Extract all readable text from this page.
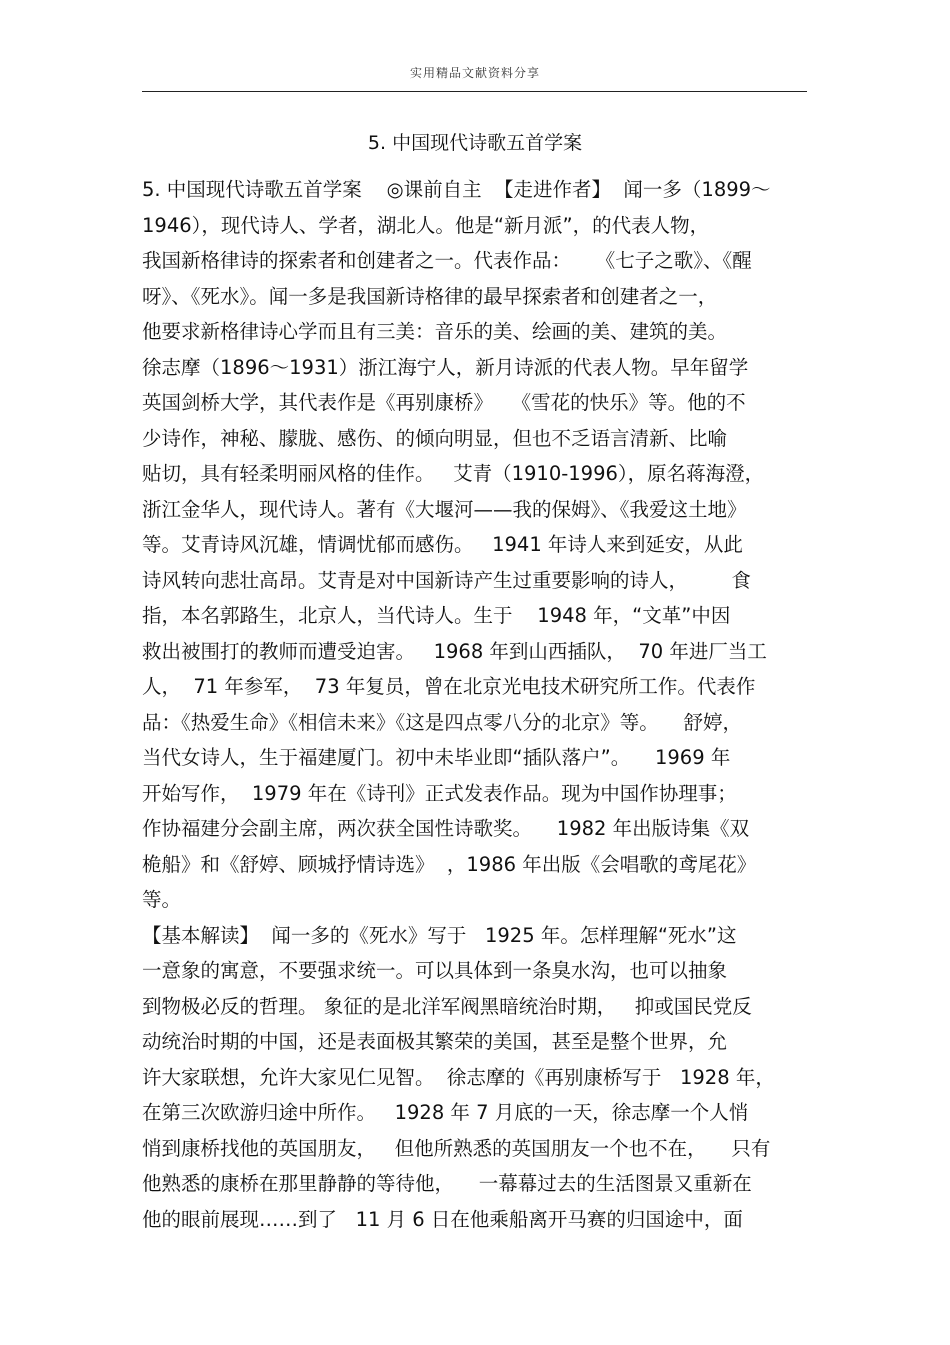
实用精品文献资料分享
5. 中国现代诗歌五首学案
5. 中国现代诗歌五首学案    ◎课前自主  【走进作者】  闻一多（1899～
1946），现代诗人、学者，湖北人。他是“新月派”，的代表人物，
我国新格律诗的探索者和创建者之一。代表作品：    《七子之歌》、《醒
呀》、《死水》。闻一多是我国新诗格律的最早探索者和创建者之一，
他要求新格律诗心学而且有三美：音乐的美、绘画的美、建筑的美。
徐志摩（1896～1931）浙江海宁人，新月诗派的代表人物。早年留学
英国剑桥大学，其代表作是《再别康桥》   《雪花的快乐》等。他的不
少诗作，神秘、朦胧、感伤、的倾向明显，但也不乏语言清新、比喻
贴切，具有轻柔明丽风格的佳作。   艾青（1910-1996），原名蒋海澄，
浙江金华人，现代诗人。著有《大堰河——我的保姆》、《我爱这土地》
等。艾青诗风沉雄，情调忧郁而感伤。   1941 年诗人来到延安，从此
诗风转向悲壮高昂。艾青是对中国新诗产生过重要影响的诗人，       食
指，本名郭路生，北京人，当代诗人。生于    1948 年，“文革”中因
救出被围打的教师而遭受迫害。   1968 年到山西插队，  70 年进厂当工
人，  71 年参军，  73 年复员，曾在北京光电技术研究所工作。代表作
品：《热爱生命》《相信未来》《这是四点零八分的北京》等。    舒婷，
当代女诗人，生于福建厦门。初中未毕业即“插队落户”。    1969 年
开始写作，  1979 年在《诗刊》正式发表作品。现为中国作协理事；
作协福建分会副主席，两次获全国性诗歌奖。    1982 年出版诗集《双
桅船》和《舒婷、顾城抒情诗选》  ，1986 年出版《会唱歌的鸢尾花》
等。
【基本解读】  闻一多的《死水》写于   1925 年。怎样理解“死水”这
一意象的寓意，不要强求统一。可以具体到一条臭水沟，也可以抽象
到物极必反的哲理。 象征的是北洋军阀黑暗统治时期，   抑或国民党反
动统治时期的中国，还是表面极其繁荣的美国，甚至是整个世界，允
许大家联想，允许大家见仁见智。  徐志摩的《再别康桥写于   1928 年，
在第三次欧游归途中所作。   1928 年 7 月底的一天，徐志摩一个人悄
悄到康桥找他的英国朋友，   但他所熟悉的英国朋友一个也不在，    只有
他熟悉的康桥在那里静静的等待他，    一幕幕过去的生活图景又重新在
他的眼前展现……到了   11 月 6 日在他乘船离开马赛的归国途中，面
